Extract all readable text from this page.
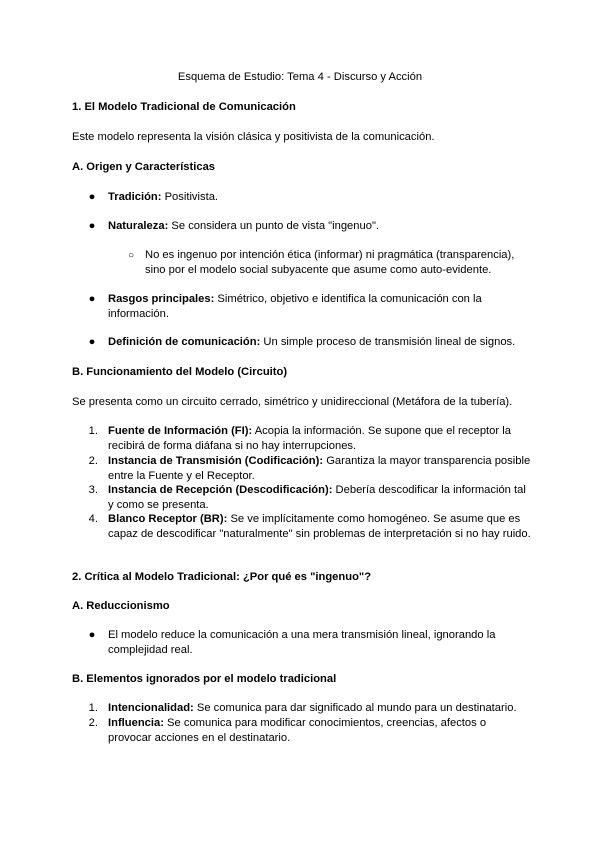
Esquema de Estudio: Tema 4 - Discurso y Acción
1. El Modelo Tradicional de Comunicación
Este modelo representa la visión clásica y positivista de la comunicación.
A. Origen y Características
● Tradición: Positivista.
● Naturaleza: Se considera un punto de vista "ingenuo".
○ No es ingenuo por intención ética (informar) ni pragmática (transparencia), sino por el modelo social subyacente que asume como auto-evidente.
● Rasgos principales: Simétrico, objetivo e identifica la comunicación con la información.
● Definición de comunicación: Un simple proceso de transmisión lineal de signos.
B. Funcionamiento del Modelo (Circuito)
Se presenta como un circuito cerrado, simétrico y unidireccional (Metáfora de la tubería).
1. Fuente de Información (FI): Acopia la información. Se supone que el receptor la recibirá de forma diáfana si no hay interrupciones.
2. Instancia de Transmisión (Codificación): Garantiza la mayor transparencia posible entre la Fuente y el Receptor.
3. Instancia de Recepción (Descodificación): Debería descodificar la información tal y como se presenta.
4. Blanco Receptor (BR): Se ve implícitamente como homogéneo. Se asume que es capaz de descodificar "naturalmente" sin problemas de interpretación si no hay ruido.
2. Crítica al Modelo Tradicional: ¿Por qué es "ingenuo"?
A. Reduccionismo
● El modelo reduce la comunicación a una mera transmisión lineal, ignorando la complejidad real.
B. Elementos ignorados por el modelo tradicional
1. Intencionalidad: Se comunica para dar significado al mundo para un destinatario.
2. Influencia: Se comunica para modificar conocimientos, creencias, afectos o provocar acciones en el destinatario.
